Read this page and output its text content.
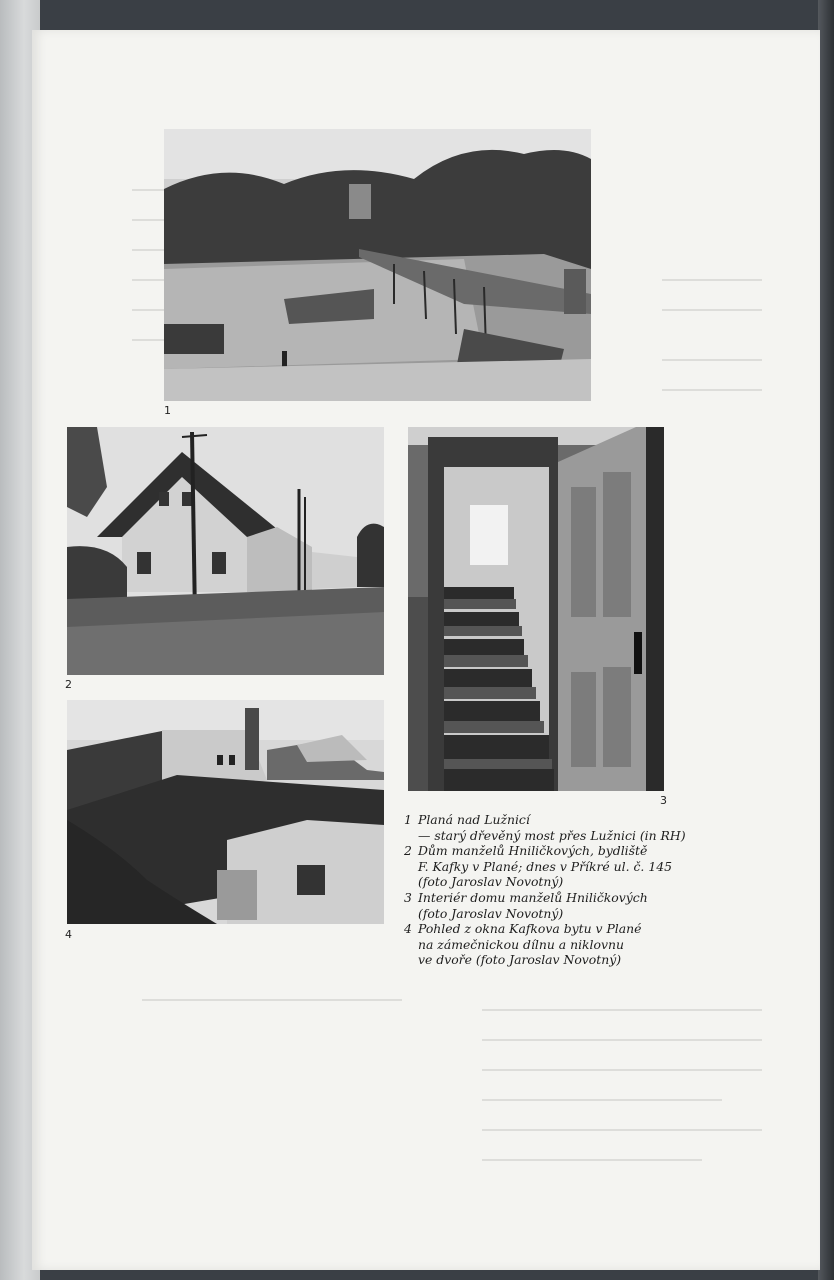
1
2
3
4
1 Planá nad Lužnicí
— starý dřevěný most přes Lužnici (in RH)
2 Dům manželů Hniličkových, bydliště
F. Kafky v Plané; dnes v Příkré ul. č. 145
(foto Jaroslav Novotný)
3 Interiér domu manželů Hniličkových
(foto Jaroslav Novotný)
4 Pohled z okna Kafkova bytu v Plané
na zámečnickou dílnu a niklovnu
ve dvoře (foto Jaroslav Novotný)
